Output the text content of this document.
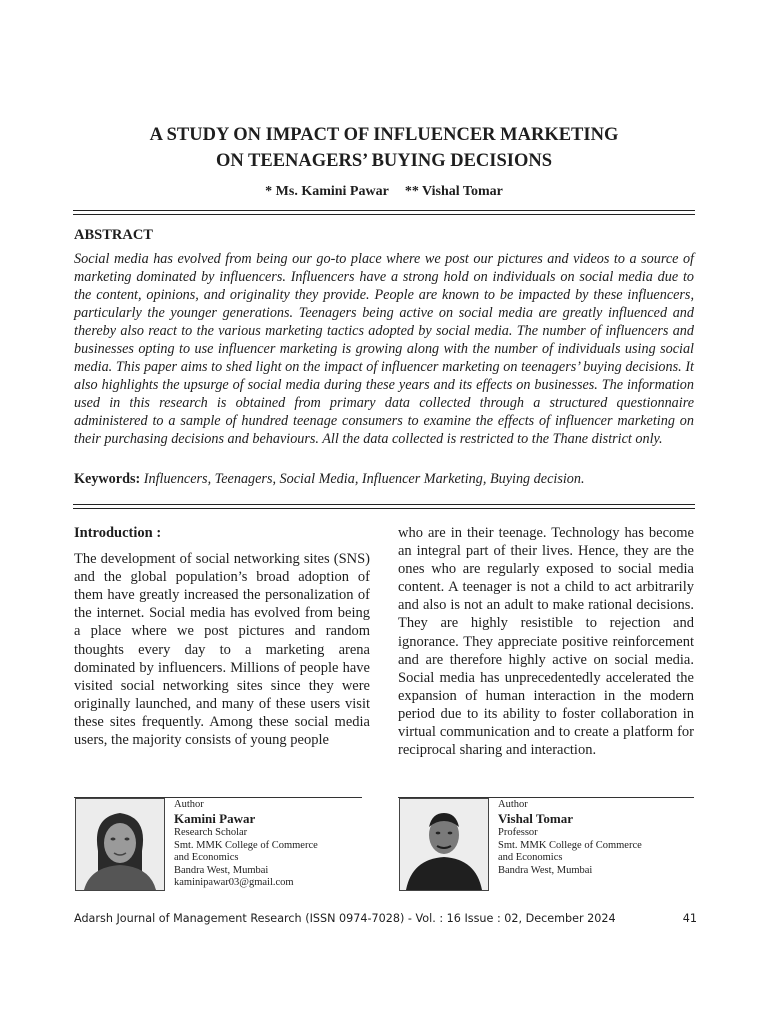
A STUDY ON IMPACT OF INFLUENCER MARKETING
ON TEENAGERS’ BUYING DECISIONS
* Ms. Kamini Pawar ** Vishal Tomar
ABSTRACT
Social media has evolved from being our go-to place where we post our pictures and videos to a source of marketing dominated by influencers. Influencers have a strong hold on individuals on social media due to the content, opinions, and originality they provide. People are known to be impacted by these influencers, particularly the younger generations. Teenagers being active on social media are greatly influenced and thereby also react to the various marketing tactics adopted by social media. The number of influencers and businesses opting to use influencer marketing is growing along with the number of individuals using social media. This paper aims to shed light on the impact of influencer marketing on teenagers’ buying decisions. It also highlights the upsurge of social media during these years and its effects on businesses. The information used in this research is obtained from primary data collected through a structured questionnaire administered to a sample of hundred teenage consumers to examine the effects of influencer marketing on their purchasing decisions and behaviours. All the data collected is restricted to the Thane district only.
Keywords: Influencers, Teenagers, Social Media, Influencer Marketing, Buying decision.
Introduction :

The development of social networking sites (SNS) and the global population’s broad adoption of them have greatly increased the personalization of the internet. Social media has evolved from being a place where we post pictures and random thoughts every day to a marketing arena dominated by influencers. Millions of people have visited social networking sites since they were originally launched, and many of these users visit these sites frequently. Among these social media users, the majority consists of young people

who are in their teenage. Technology has become an integral part of their lives. Hence, they are the ones who are regularly exposed to social media content. A teenager is not a child to act arbitrarily and also is not an adult to make rational decisions. They are highly resistible to rejection and ignorance. They appreciate positive reinforcement and are therefore highly active on social media. Social media has unprecedentedly accelerated the expansion of human interaction in the modern period due to its ability to foster collaboration in virtual communication and to create a platform for reciprocal sharing and interaction.

Author
Kamini Pawar
Research Scholar
Smt. MMK College of Commerce
and Economics
Bandra West, Mumbai
kaminipawar03@gmail.com
Author
Vishal Tomar
Professor
Smt. MMK College of Commerce
and Economics
Bandra West, Mumbai
Adarsh Journal of Management Research (ISSN 0974-7028) - Vol. : 16 Issue : 02, December 2024	41
